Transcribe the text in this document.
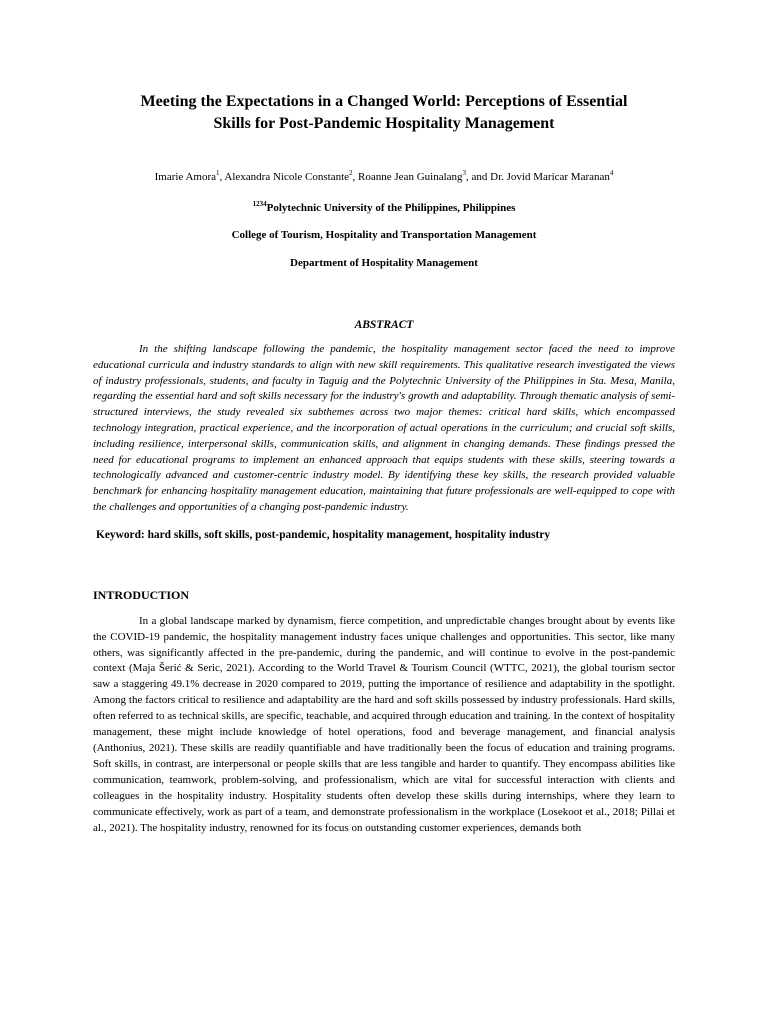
Meeting the Expectations in a Changed World: Perceptions of Essential
Skills for Post-Pandemic Hospitality Management
Imarie Amora$^1$, Alexandra Nicole Constante$^2$, Roanne Jean Guinalang$^3$, and Dr. Jovid Maricar Maranan$^4$
$^{1234}$Polytechnic University of the Philippines, Philippines
College of Tourism, Hospitality and Transportation Management
Department of Hospitality Management
ABSTRACT

In the shifting landscape following the pandemic, the hospitality management sector faced the need to improve educational curricula and industry standards to align with new skill requirements. This qualitative research investigated the views of industry professionals, students, and faculty in Taguig and the Polytechnic University of the Philippines in Sta. Mesa, Manila, regarding the essential hard and soft skills necessary for the industry's growth and adaptability. Through thematic analysis of semi-structured interviews, the study revealed six subthemes across two major themes: critical hard skills, which encompassed technology integration, practical experience, and the incorporation of actual operations in the curriculum; and crucial soft skills, including resilience, interpersonal skills, communication skills, and alignment in changing demands. These findings pressed the need for educational programs to implement an enhanced approach that equips students with these skills, steering towards a technologically advanced and customer-centric industry model. By identifying these key skills, the research provided valuable benchmark for enhancing hospitality management education, maintaining that future professionals are well-equipped to cope with the challenges and opportunities of a changing post-pandemic industry.

Keyword: hard skills, soft skills, post-pandemic, hospitality management, hospitality industry
INTRODUCTION

In a global landscape marked by dynamism, fierce competition, and unpredictable changes brought about by events like the COVID-19 pandemic, the hospitality management industry faces unique challenges and opportunities. This sector, like many others, was significantly affected in the pre-pandemic, during the pandemic, and will continue to evolve in the post-pandemic context (Maja Šerić & Seric, 2021). According to the World Travel & Tourism Council (WTTC, 2021), the global tourism sector saw a staggering 49.1% decrease in 2020 compared to 2019, putting the importance of resilience and adaptability in the spotlight. Among the factors critical to resilience and adaptability are the hard and soft skills possessed by industry professionals. Hard skills, often referred to as technical skills, are specific, teachable, and acquired through education and training. In the context of hospitality management, these might include knowledge of hotel operations, food and beverage management, and financial analysis (Anthonius, 2021). These skills are readily quantifiable and have traditionally been the focus of education and training programs. Soft skills, in contrast, are interpersonal or people skills that are less tangible and harder to quantify. They encompass abilities like communication, teamwork, problem-solving, and professionalism, which are vital for successful interaction with clients and colleagues in the hospitality industry. Hospitality students often develop these skills during internships, where they learn to communicate effectively, work as part of a team, and demonstrate professionalism in the workplace (Losekoot et al., 2018; Pillai et al., 2021). The hospitality industry, renowned for its focus on outstanding customer experiences, demands both
